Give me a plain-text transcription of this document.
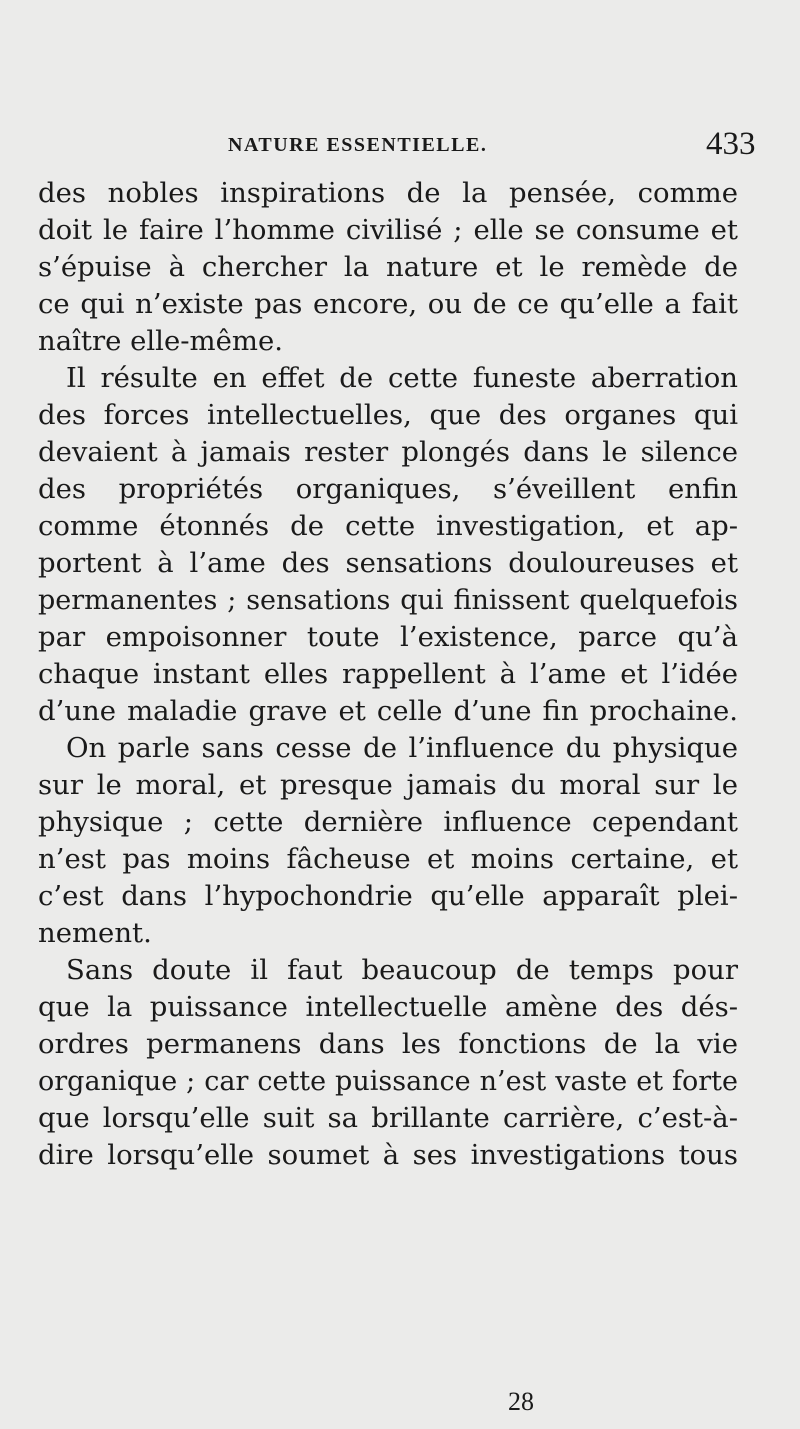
NATURE ESSENTIELLE.	433
des nobles inspirations de la pensée, comme
doit le faire l’homme civilisé ; elle se consume et
s’épuise à chercher la nature et le remède de
ce qui n’existe pas encore, ou de ce qu’elle a fait
naître elle-même.
Il résulte en effet de cette funeste aberration
des forces intellectuelles, que des organes qui
devaient à jamais rester plongés dans le silence
des propriétés organiques, s’éveillent enfin
comme étonnés de cette investigation, et ap-
portent à l’ame des sensations douloureuses et
permanentes ; sensations qui finissent quelquefois
par empoisonner toute l’existence, parce qu’à
chaque instant elles rappellent à l’ame et l’idée
d’une maladie grave et celle d’une fin prochaine.
On parle sans cesse de l’influence du physique
sur le moral, et presque jamais du moral sur le
physique ; cette dernière influence cependant
n’est pas moins fâcheuse et moins certaine, et
c’est dans l’hypochondrie qu’elle apparaît plei-
nement.
Sans doute il faut beaucoup de temps pour
que la puissance intellectuelle amène des dés-
ordres permanens dans les fonctions de la vie
organique ; car cette puissance n’est vaste et forte
que lorsqu’elle suit sa brillante carrière, c’est-à-
dire lorsqu’elle soumet à ses investigations tous
28
